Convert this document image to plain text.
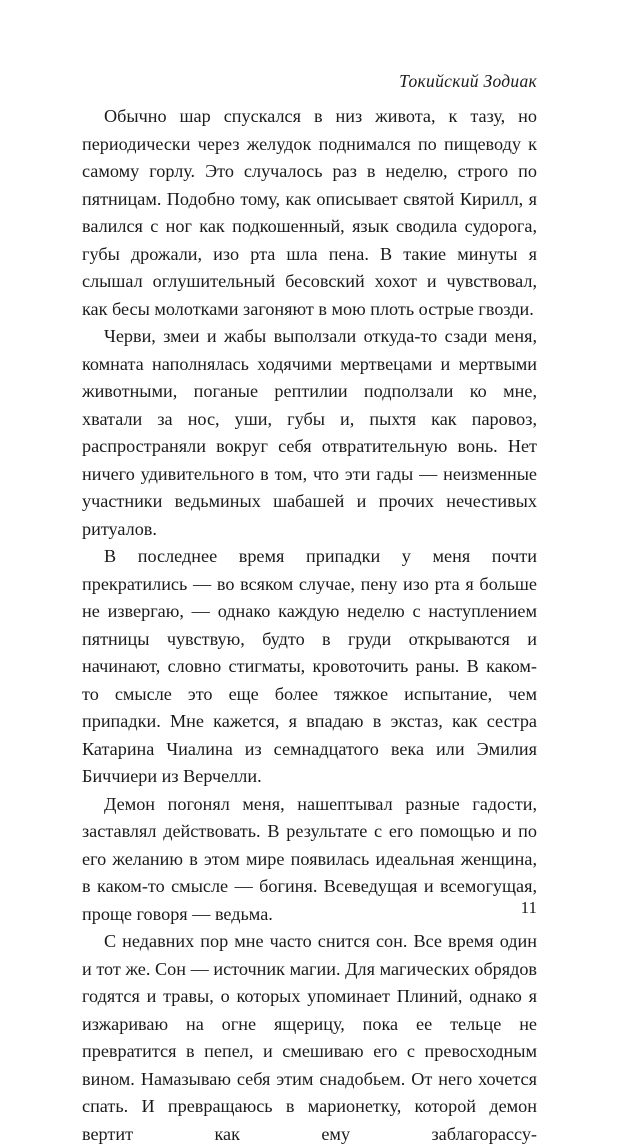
Токийский Зодиак

Обычно шар спускался в низ живота, к тазу, но периодически через желудок поднимался по пищеводу к самому горлу. Это случалось раз в неделю, строго по пятницам. Подобно тому, как описывает святой Кирилл, я валился с ног как подкошенный, язык сводила судорога, губы дрожали, изо рта шла пена. В такие минуты я слышал оглушительный бесовский хохот и чувствовал, как бесы молотками загоняют в мою плоть острые гвозди.

Черви, змеи и жабы выползали откуда-то сзади меня, комната наполнялась ходячими мертвецами и мертвыми животными, поганые рептилии подползали ко мне, хватали за нос, уши, губы и, пыхтя как паровоз, распространяли вокруг себя отвратительную вонь. Нет ничего удивительного в том, что эти гады — неизменные участники ведьминых шабашей и прочих нечестивых ритуалов.

В последнее время припадки у меня почти прекратились — во всяком случае, пену изо рта я больше не извергаю, — однако каждую неделю с наступлением пятницы чувствую, будто в груди открываются и начинают, словно стигматы, кровоточить раны. В каком-то смысле это еще более тяжкое испытание, чем припадки. Мне кажется, я впадаю в экстаз, как сестра Катарина Чиалина из семнадцатого века или Эмилия Биччиери из Верчелли.

Демон погонял меня, нашептывал разные гадости, заставлял действовать. В результате с его помощью и по его желанию в этом мире появилась идеальная женщина, в каком-то смысле — богиня. Всеведущая и всемогущая, проще говоря — ведьма.

С недавних пор мне часто снится сон. Все время один и тот же. Сон — источник магии. Для магических обрядов годятся и травы, о которых упоминает Плиний, однако я изжариваю на огне ящерицу, пока ее тельце не превратится в пепел, и смешиваю его с превосходным вином. Намазываю себя этим снадобьем. От него хочется спать. И превращаюсь в марионетку, которой демон вертит как ему заблагорассу-

11
